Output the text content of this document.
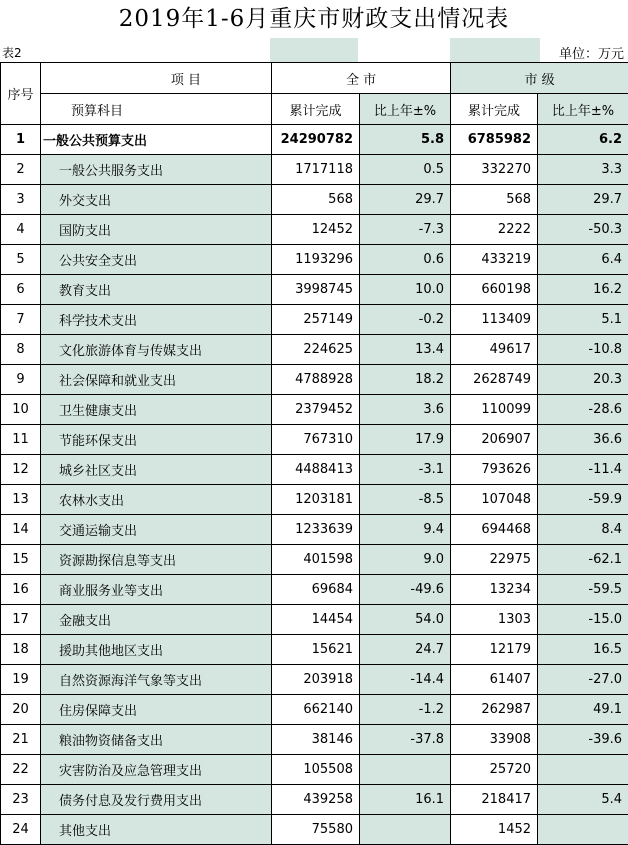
2019年1-6月重庆市财政支出情况表
表2	单位：万元
序号	项 目	全 市		市 级	
	预算科目	累计完成	比上年±%	累计完成	比上年±%
1	一般公共预算支出	24290782	5.8	6785982	6.2
2	一般公共服务支出	1717118	0.5	332270	3.3
3	外交支出	568	29.7	568	29.7
4	国防支出	12452	-7.3	2222	-50.3
5	公共安全支出	1193296	0.6	433219	6.4
6	教育支出	3998745	10.0	660198	16.2
7	科学技术支出	257149	-0.2	113409	5.1
8	文化旅游体育与传媒支出	224625	13.4	49617	-10.8
9	社会保障和就业支出	4788928	18.2	2628749	20.3
10	卫生健康支出	2379452	3.6	110099	-28.6
11	节能环保支出	767310	17.9	206907	36.6
12	城乡社区支出	4488413	-3.1	793626	-11.4
13	农林水支出	1203181	-8.5	107048	-59.9
14	交通运输支出	1233639	9.4	694468	8.4
15	资源勘探信息等支出	401598	9.0	22975	-62.1
16	商业服务业等支出	69684	-49.6	13234	-59.5
17	金融支出	14454	54.0	1303	-15.0
18	援助其他地区支出	15621	24.7	12179	16.5
19	自然资源海洋气象等支出	203918	-14.4	61407	-27.0
20	住房保障支出	662140	-1.2	262987	49.1
21	粮油物资储备支出	38146	-37.8	33908	-39.6
22	灾害防治及应急管理支出	105508		25720	
23	债务付息及发行费用支出	439258	16.1	218417	5.4
24	其他支出	75580		1452	
